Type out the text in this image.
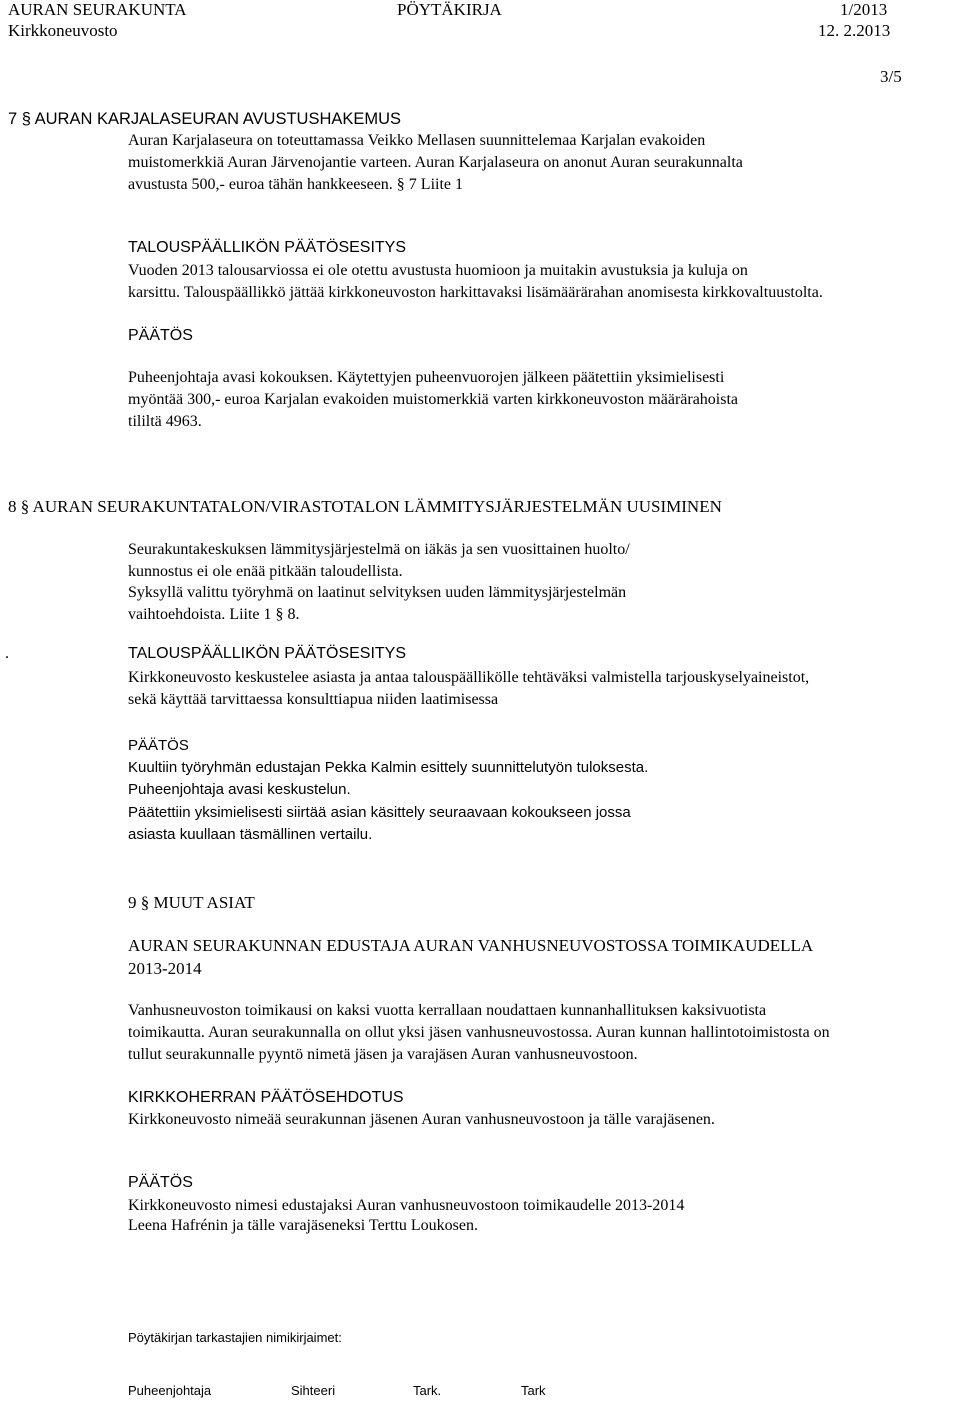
AURAN SEURAKUNTA	PÖYTÄKIRJA	1/2013
Kirkkoneuvosto	12. 2.2013
3/5
7 § AURAN KARJALASEURAN AVUSTUSHAKEMUS
Auran Karjalaseura on toteuttamassa Veikko Mellasen suunnittelemaa Karjalan evakoiden
muistomerkkiä Auran Järvenojantie varteen. Auran Karjalaseura on anonut Auran seurakunnalta
avustusta 500,- euroa tähän hankkeeseen. § 7 Liite 1
TALOUSPÄÄLLIKÖN PÄÄTÖSESITYS
Vuoden 2013 talousarviossa ei ole otettu avustusta huomioon ja muitakin avustuksia ja kuluja on
karsittu. Talouspäällikkö jättää kirkkoneuvoston harkittavaksi lisämäärärahan anomisesta kirkkovaltuustolta.
PÄÄTÖS
Puheenjohtaja avasi kokouksen. Käytettyjen puheenvuorojen jälkeen päätettiin yksimielisesti
myöntää 300,- euroa Karjalan evakoiden muistomerkkiä varten kirkkoneuvoston määrärahoista
tililtä 4963.
8 § AURAN SEURAKUNTATALON/VIRASTOTALON LÄMMITYSJÄRJESTELMÄN UUSIMINEN
Seurakuntakeskuksen lämmitysjärjestelmä on iäkäs ja sen vuosittainen huolto/
kunnostus ei ole enää pitkään taloudellista.
Syksyllä valittu työryhmä on laatinut selvityksen uuden lämmitysjärjestelmän
vaihtoehdoista. Liite 1 § 8.
.	TALOUSPÄÄLLIKÖN PÄÄTÖSESITYS
Kirkkoneuvosto keskustelee asiasta ja antaa talouspäällikölle tehtäväksi valmistella tarjouskyselyaineistot,
sekä käyttää tarvittaessa konsulttiapua niiden laatimisessa
PÄÄTÖS
Kuultiin työryhmän edustajan Pekka Kalmin esittely suunnittelutyön tuloksesta.
Puheenjohtaja avasi keskustelun.
Päätettiin yksimielisesti siirtää asian käsittely seuraavaan kokoukseen jossa
asiasta kuullaan täsmällinen vertailu.
9 § MUUT ASIAT
AURAN SEURAKUNNAN EDUSTAJA AURAN VANHUSNEUVOSTOSSA TOIMIKAUDELLA
2013-2014
Vanhusneuvoston toimikausi on kaksi vuotta kerrallaan noudattaen kunnanhallituksen kaksivuotista
toimikautta. Auran seurakunnalla on ollut yksi jäsen vanhusneuvostossa. Auran kunnan hallintotoimistosta on
tullut seurakunnalle pyyntö nimetä jäsen ja varajäsen Auran vanhusneuvostoon.
KIRKKOHERRAN PÄÄTÖSEHDOTUS
Kirkkoneuvosto nimeää seurakunnan jäsenen Auran vanhusneuvostoon ja tälle varajäsenen.
PÄÄTÖS
Kirkkoneuvosto nimesi edustajaksi Auran vanhusneuvostoon toimikaudelle 2013-2014
Leena Hafrénin ja tälle varajäseneksi Terttu Loukosen.
Pöytäkirjan tarkastajien nimikirjaimet:
Puheenjohtaja	Sihteeri	Tark.	Tark
